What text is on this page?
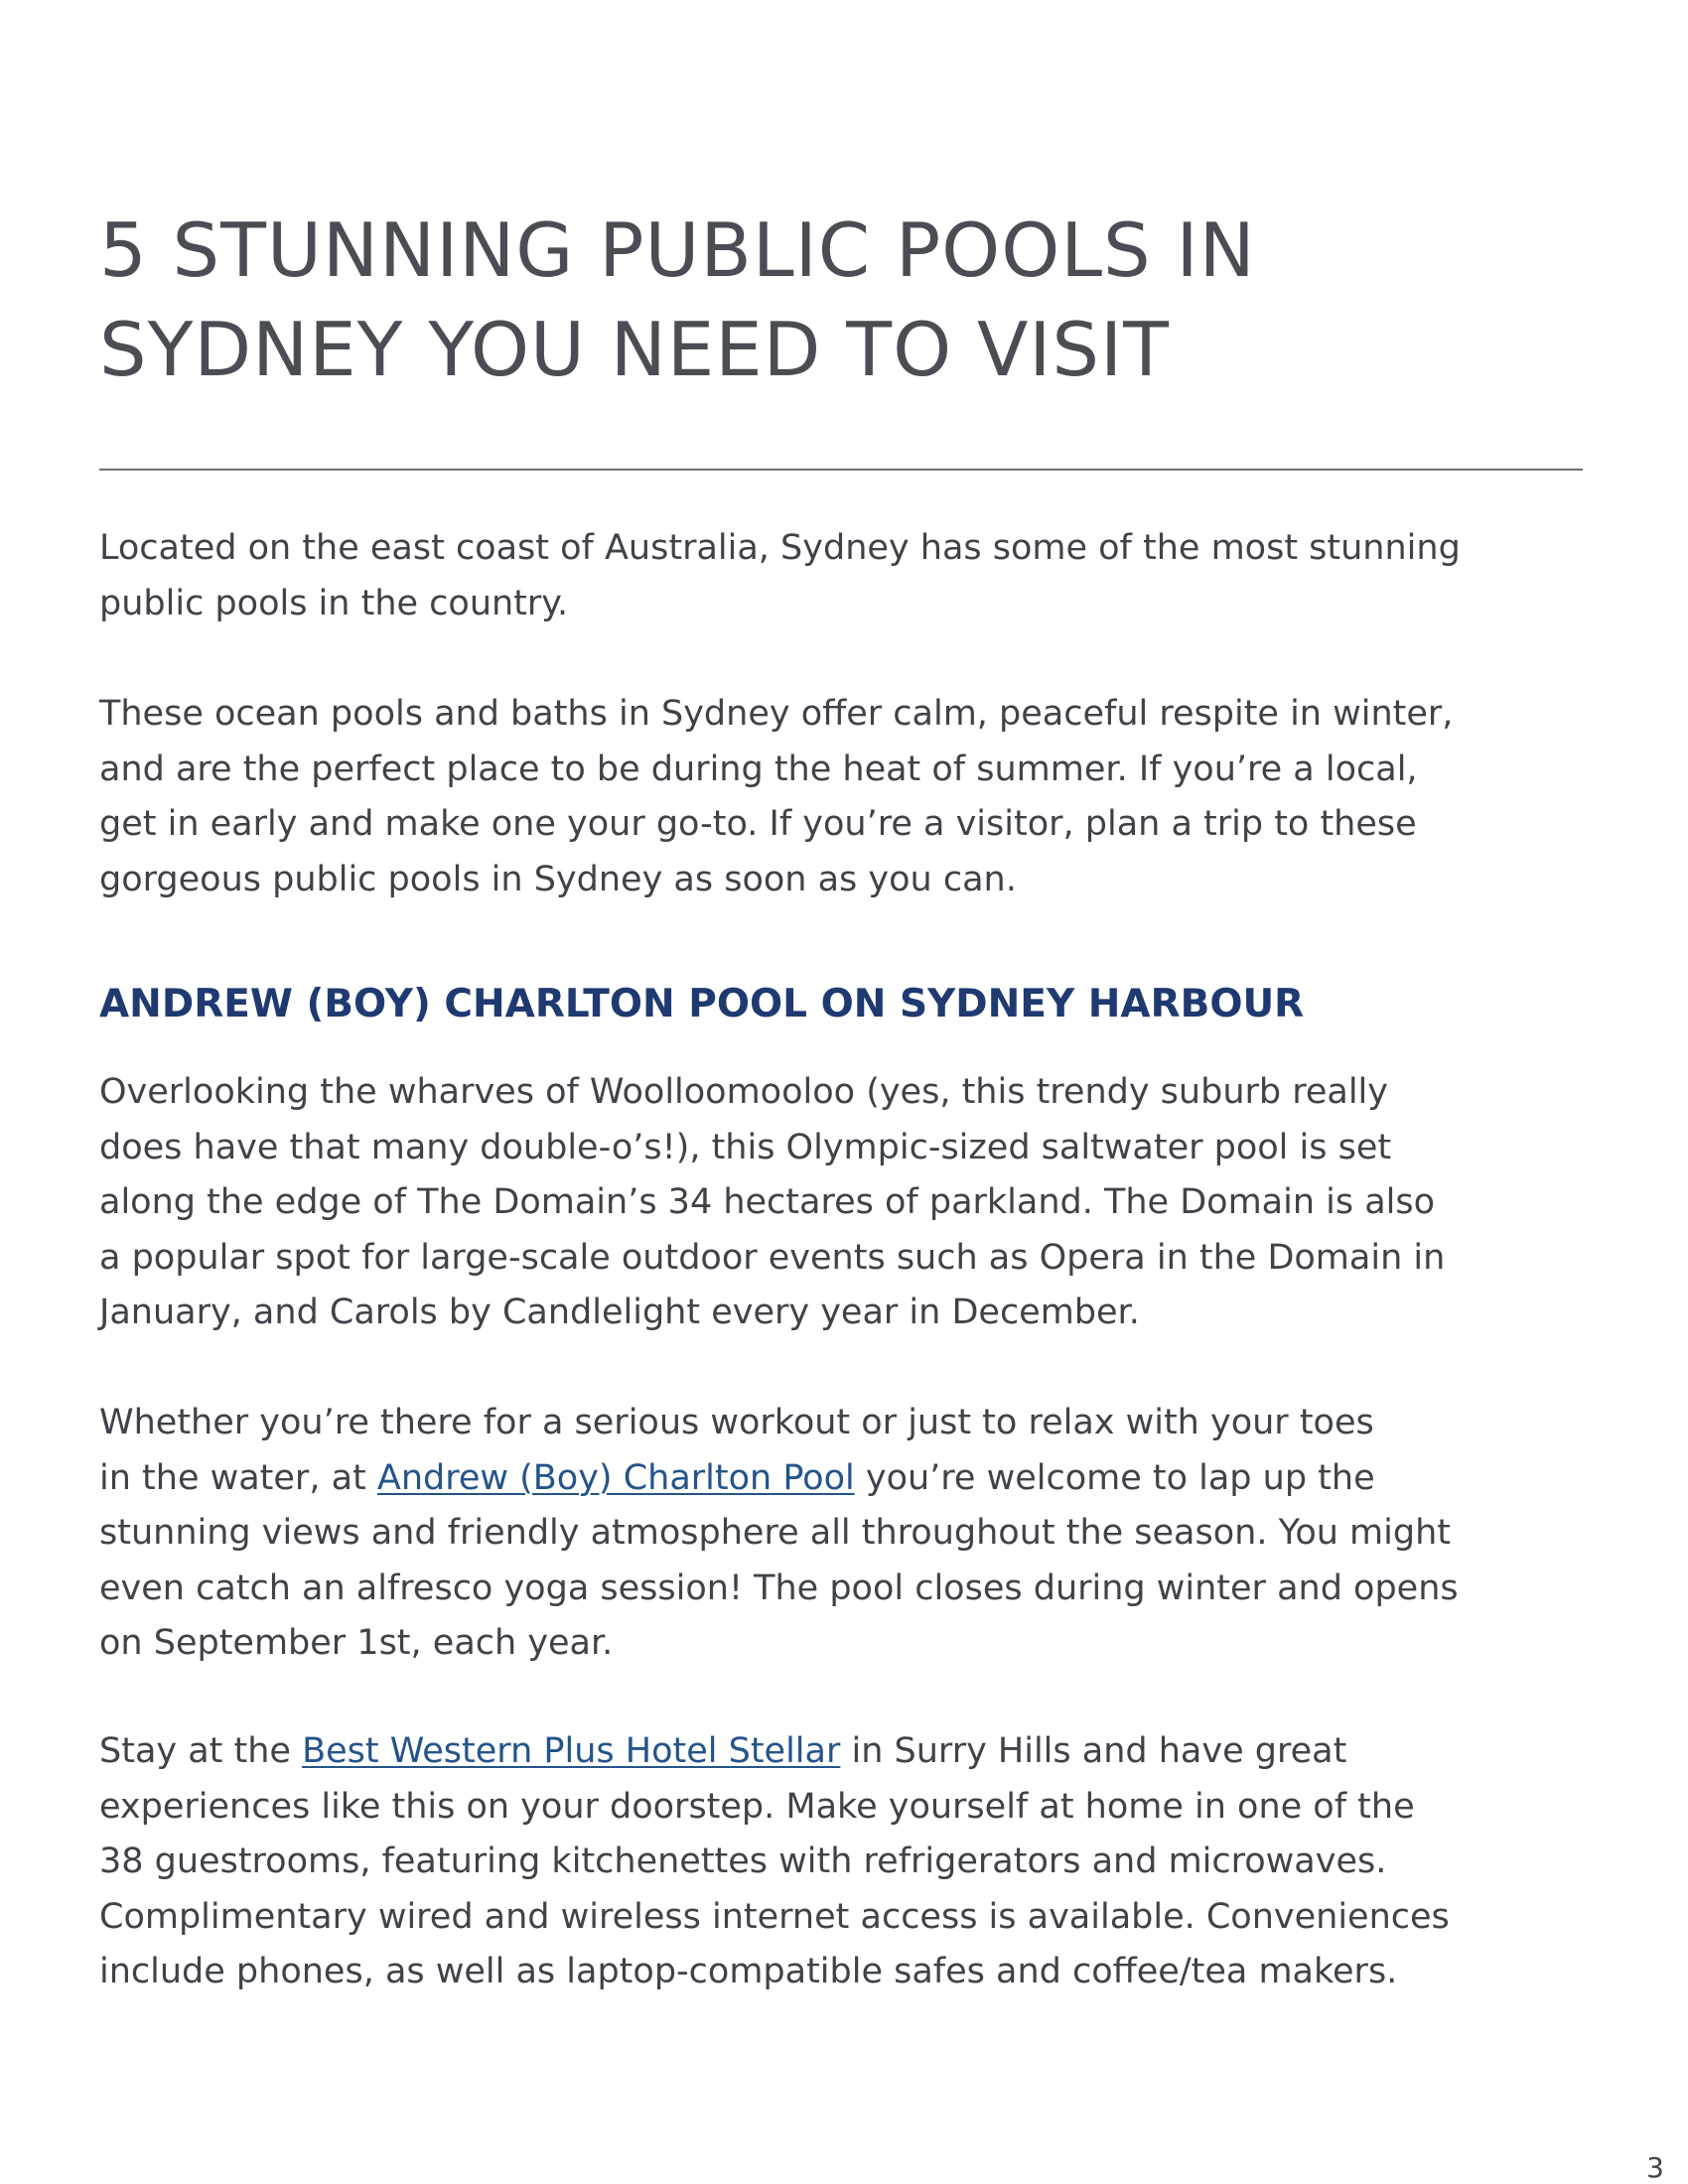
5 STUNNING PUBLIC POOLS IN
SYDNEY YOU NEED TO VISIT

Located on the east coast of Australia, Sydney has some of the most stunning
public pools in the country.

These ocean pools and baths in Sydney offer calm, peaceful respite in winter,
and are the perfect place to be during the heat of summer. If you’re a local,
get in early and make one your go-to. If you’re a visitor, plan a trip to these
gorgeous public pools in Sydney as soon as you can.

ANDREW (BOY) CHARLTON POOL ON SYDNEY HARBOUR

Overlooking the wharves of Woolloomooloo (yes, this trendy suburb really
does have that many double-o’s!), this Olympic-sized saltwater pool is set
along the edge of The Domain’s 34 hectares of parkland. The Domain is also
a popular spot for large-scale outdoor events such as Opera in the Domain in
January, and Carols by Candlelight every year in December.

Whether you’re there for a serious workout or just to relax with your toes
in the water, at Andrew (Boy) Charlton Pool you’re welcome to lap up the
stunning views and friendly atmosphere all throughout the season. You might
even catch an alfresco yoga session! The pool closes during winter and opens
on September 1st, each year.

Stay at the Best Western Plus Hotel Stellar in Surry Hills and have great
experiences like this on your doorstep. Make yourself at home in one of the
38 guestrooms, featuring kitchenettes with refrigerators and microwaves.
Complimentary wired and wireless internet access is available. Conveniences
include phones, as well as laptop-compatible safes and coffee/tea makers.

3
